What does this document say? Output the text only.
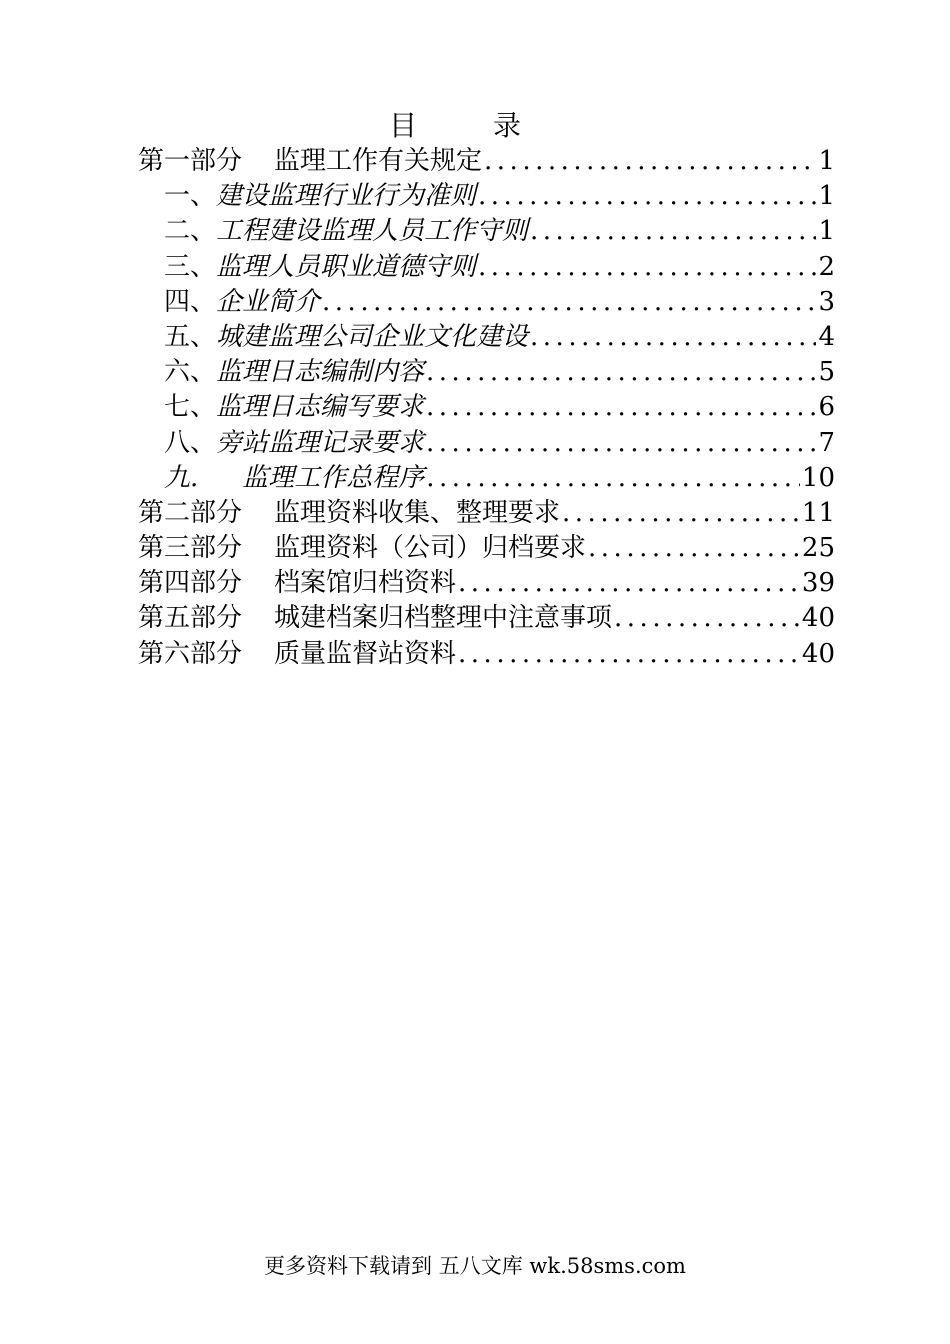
目	录
第一部分 监理工作有关规定 .....	1
一、建设监理行业行为准则 .....	1
二、工程建设监理人员工作守则 .....	1
三、监理人员职业道德守则 .....	2
四、企业简介 .....	3
五、城建监理公司企业文化建设 .....	4
六、监理日志编制内容 .....	5
七、监理日志编写要求 .....	6
八、旁站监理记录要求 .....	7
九. 监理工作总程序 .....	10
第二部分 监理资料收集、整理要求 .....	11
第三部分 监理资料（公司）归档要求 .....	25
第四部分 档案馆归档资料 .....	39
第五部分 城建档案归档整理中注意事项 .....	40
第六部分 质量监督站资料 .....	40
更多资料下载请到 五八文库 wk.58sms.com
